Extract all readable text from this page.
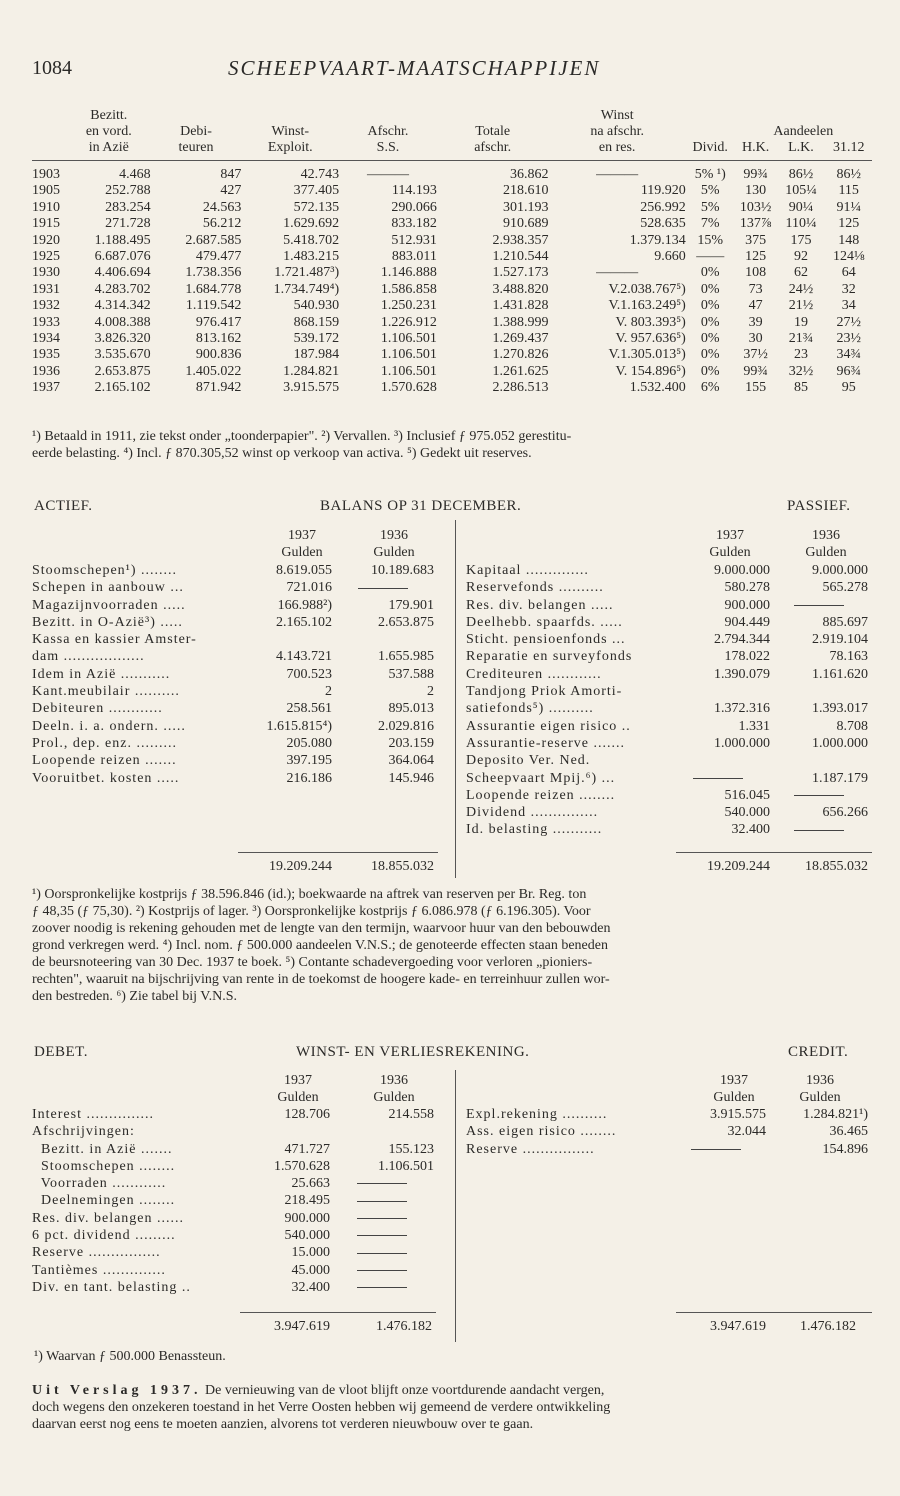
1084	SCHEEPVAART-MAATSCHAPPIJEN
	Bezitt.					Winst				
	en vord.	Debi-	Winst-	Afschr.	Totale	na afschr.		Aandeelen		
	in Azië	teuren	Exploit.	S.S.	afschr.	en res.	Divid.	H.K.	L.K.	31.12

1903	4.468	847	42.743	———	36.862	———	5% ¹)	99¾	86½	86½
1905	252.788	427	377.405	114.193	218.610	119.920	5%	130	105¼	115
1910	283.254	24.563	572.135	290.066	301.193	256.992	5%	103½	90¼	91¼
1915	271.728	56.212	1.629.692	833.182	910.689	528.635	7%	137⅞	110¼	125
1920	1.188.495	2.687.585	5.418.702	512.931	2.938.357	1.379.134	15%	375	175	148
1925	6.687.076	479.477	1.483.215	883.011	1.210.544	9.660	——	125	92	124⅛
1930	4.406.694	1.738.356	1.721.487³)	1.146.888	1.527.173	———	0%	108	62	64
1931	4.283.702	1.684.778	1.734.749⁴)	1.586.858	3.488.820	V.2.038.767⁵)	0%	73	24½	32
1932	4.314.342	1.119.542	540.930	1.250.231	1.431.828	V.1.163.249⁵)	0%	47	21½	34
1933	4.008.388	976.417	868.159	1.226.912	1.388.999	V. 803.393⁵)	0%	39	19	27½
1934	3.826.320	813.162	539.172	1.106.501	1.269.437	V. 957.636⁵)	0%	30	21¾	23½
1935	3.535.670	900.836	187.984	1.106.501	1.270.826	V.1.305.013⁵)	0%	37½	23	34¾
1936	2.653.875	1.405.022	1.284.821	1.106.501	1.261.625	V. 154.896⁵)	0%	99¾	32½	96¾
1937	2.165.102	871.942	3.915.575	1.570.628	2.286.513	1.532.400	6%	155	85	95
¹) Betaald in 1911, zie tekst onder „toonderpapier". ²) Vervallen. ³) Inclusief ƒ 975.052 gerestitu-
eerde belasting. ⁴) Incl. ƒ 870.305,52 winst op verkoop van activa. ⁵) Gedekt uit reserves.
ACTIEF.	BALANS OP 31 DECEMBER.	PASSIEF.
1937
Gulden
1936
Gulden
1937
Gulden
1936
Gulden
Stoomschepen¹) ........	8.619.055	10.189.683
Schepen in aanbouw ...	721.016	
Magazijnvoorraden .....	166.988²)	179.901
Bezitt. in O-Azië³) .....	2.165.102	2.653.875
Kassa en kassier Amster-		
dam ..................	4.143.721	1.655.985
Idem in Azië ...........	700.523	537.588
Kant.meubilair ..........	2	2
Debiteuren ............	258.561	895.013
Deeln. i. a. ondern. .....	1.615.815⁴)	2.029.816
Prol., dep. enz. .........	205.080	203.159
Loopende reizen .......	397.195	364.064
Vooruitbet. kosten .....	216.186	145.946
Kapitaal ..............	9.000.000	9.000.000
Reservefonds ..........	580.278	565.278
Res. div. belangen .....	900.000	
Deelhebb. spaarfds. .....	904.449	885.697
Sticht. pensioenfonds ...	2.794.344	2.919.104
Reparatie en surveyfonds	178.022	78.163
Crediteuren ............	1.390.079	1.161.620
Tandjong Priok Amorti-		
satiefonds⁵) ..........	1.372.316	1.393.017
Assurantie eigen risico ..	1.331	8.708
Assurantie-reserve .......	1.000.000	1.000.000
Deposito Ver. Ned.		
Scheepvaart Mpij.⁶) ...		1.187.179
Loopende reizen ........	516.045	
Dividend ...............	540.000	656.266
Id. belasting ...........	32.400	
19.209.244	18.855.032	19.209.244	18.855.032
¹) Oorspronkelijke kostprijs ƒ 38.596.846 (id.); boekwaarde na aftrek van reserven per Br. Reg. ton
ƒ 48,35 (ƒ 75,30). ²) Kostprijs of lager. ³) Oorspronkelijke kostprijs ƒ 6.086.978 (ƒ 6.196.305). Voor
zoover noodig is rekening gehouden met de lengte van den termijn, waarvoor huur van den bebouwden
grond verkregen werd. ⁴) Incl. nom. ƒ 500.000 aandeelen V.N.S.; de genoteerde effecten staan beneden
de beursnoteering van 30 Dec. 1937 te boek. ⁵) Contante schadevergoeding voor verloren „pioniers-
rechten", waaruit na bijschrijving van rente in de toekomst de hoogere kade- en terreinhuur zullen wor-
den bestreden. ⁶) Zie tabel bij V.N.S.
DEBET.	WINST- EN VERLIESREKENING.	CREDIT.
1937
Gulden
1936
Gulden
1937
Gulden
1936
Gulden
Interest ...............	128.706	214.558
Afschrijvingen:		
Bezitt. in Azië .......	471.727	155.123
Stoomschepen ........	1.570.628	1.106.501
Voorraden ............	25.663	
Deelnemingen ........	218.495	
Res. div. belangen ......	900.000	
6 pct. dividend .........	540.000	
Reserve ................	15.000	
Tantièmes ..............	45.000	
Div. en tant. belasting ..	32.400	
Expl.rekening ..........	3.915.575	1.284.821¹)
Ass. eigen risico ........	32.044	36.465
Reserve ................		154.896
3.947.619	1.476.182	3.947.619	1.476.182
¹) Waarvan ƒ 500.000 Benassteun.
Uit Verslag 1937. De vernieuwing van de vloot blijft onze voortdurende aandacht vergen,
doch wegens den onzekeren toestand in het Verre Oosten hebben wij gemeend de verdere ontwikkeling
daarvan eerst nog eens te moeten aanzien, alvorens tot verderen nieuwbouw over te gaan.
